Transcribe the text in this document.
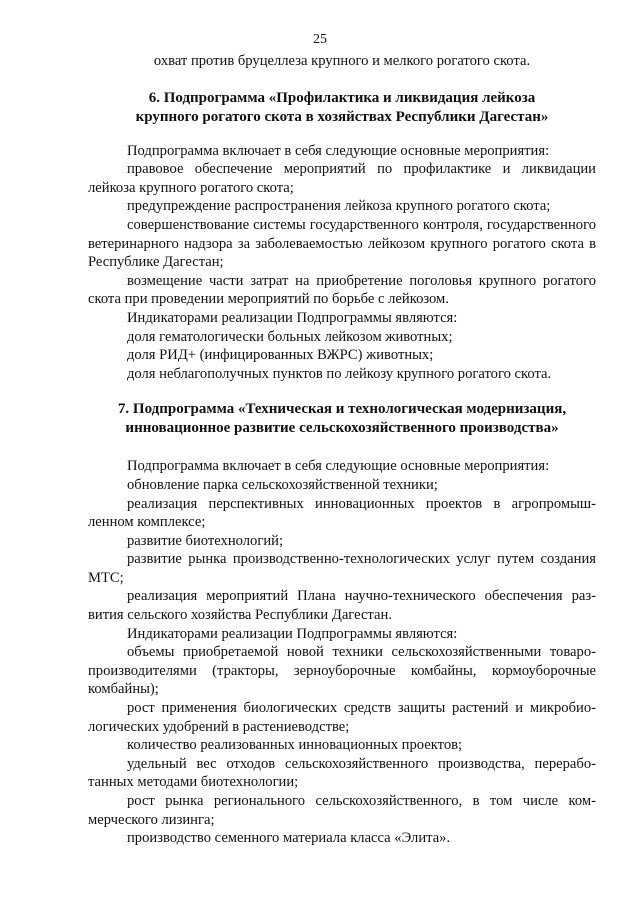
25

охват против бруцеллеза крупного и мелкого рогатого скота.

6. Подпрограмма «Профилактика и ликвидация лейкоза
крупного рогатого скота в хозяйствах Республики Дагестан»

Подпрограмма включает в себя следующие основные мероприятия:

правовое обеспечение мероприятий по профилактике и ликвидации лейкоза крупного рогатого скота;

предупреждение распространения лейкоза крупного рогатого скота;

совершенствование системы государственного контроля, государственного ветеринарного надзора за заболеваемостью лейкозом крупного рогатого скота в Республике Дагестан;

возмещение части затрат на приобретение поголовья крупного рогатого скота при проведении мероприятий по борьбе с лейкозом.

Индикаторами реализации Подпрограммы являются:

доля гематологически больных лейкозом животных;

доля РИД+ (инфицированных ВЖРС) животных;

доля неблагополучных пунктов по лейкозу крупного рогатого скота.

7. Подпрограмма «Техническая и технологическая модернизация,
инновационное развитие сельскохозяйственного производства»

Подпрограмма включает в себя следующие основные мероприятия:

обновление парка сельскохозяйственной техники;

реализация перспективных инновационных проектов в агропромышленном комплексе;

развитие биотехнологий;

развитие рынка производственно-технологических услуг путем создания МТС;

реализация мероприятий Плана научно-технического обеспечения развития сельского хозяйства Республики Дагестан.

Индикаторами реализации Подпрограммы являются:

объемы приобретаемой новой техники сельскохозяйственными товаропроизводителями (тракторы, зерноуборочные комбайны, кормоуборочные комбайны);

рост применения биологических средств защиты растений и микробиологических удобрений в растениеводстве;

количество реализованных инновационных проектов;

удельный вес отходов сельскохозяйственного производства, переработанных методами биотехнологии;

рост рынка регионального сельскохозяйственного, в том числе коммерческого лизинга;

производство семенного материала класса «Элита».
